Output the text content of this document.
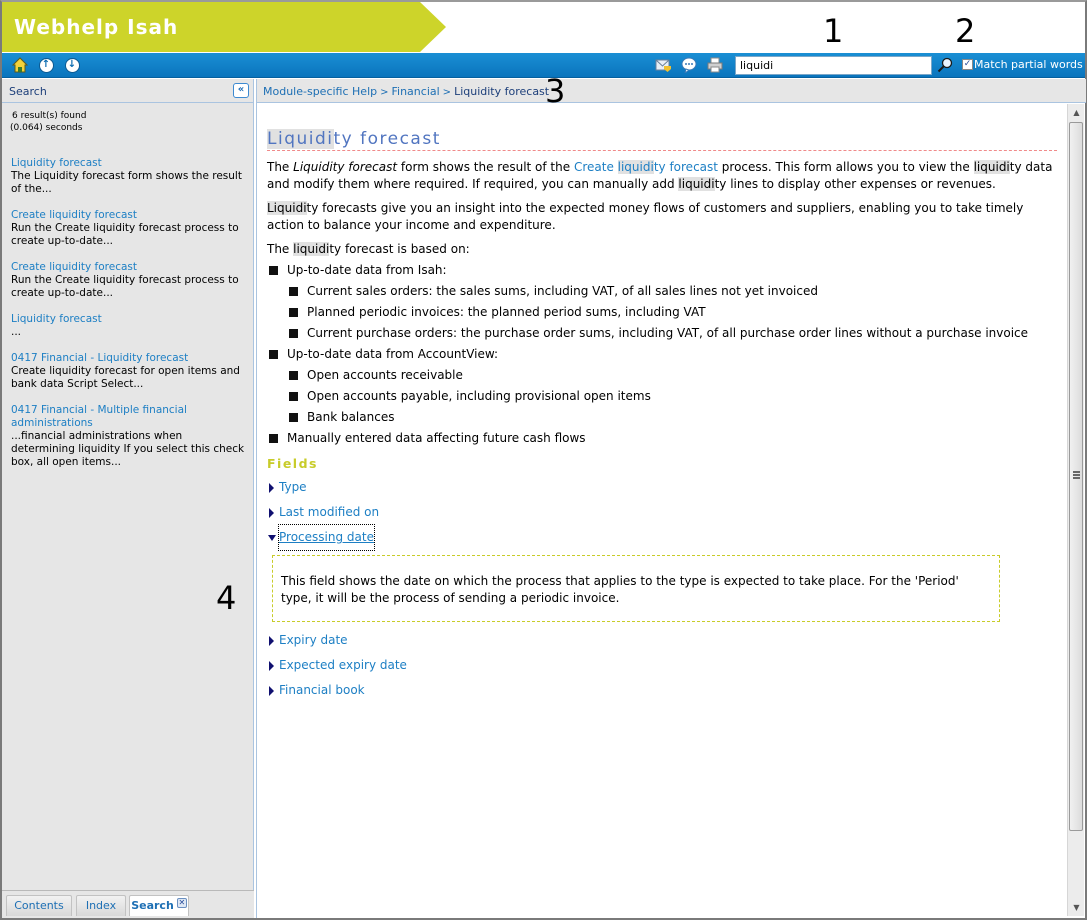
Webhelp Isah	1	2
↑	↓
liquidi	✓ Match partial words
Search	«
6 result(s) found
(0.064) seconds
Liquidity forecast
The Liquidity forecast form shows the result of the...
Create liquidity forecast
Run the Create liquidity forecast process to create up-to-date...
Create liquidity forecast
Run the Create liquidity forecast process to create up-to-date...
Liquidity forecast
...
0417 Financial - Liquidity forecast
Create liquidity forecast for open items and bank data Script Select...
0417 Financial - Multiple financial administrations
...financial administrations when determining liquidity If you select this check box, all open items...
Contents	Index	Search ✕
Module-specific Help > Financial > Liquidity forecast
3
Liquidity forecast

The Liquidity forecast form shows the result of the Create liquidity forecast process. This form allows you to view the liquidity data and modify them where required. If required, you can manually add liquidity lines to display other expenses or revenues.

Liquidity forecasts give you an insight into the expected money flows of customers and suppliers, enabling you to take timely action to balance your income and expenditure.

The liquidity forecast is based on:

Up-to-date data from Isah:
Current sales orders: the sales sums, including VAT, of all sales lines not yet invoiced
Planned periodic invoices: the planned period sums, including VAT
Current purchase orders: the purchase order sums, including VAT, of all purchase order lines without a purchase invoice
Up-to-date data from AccountView:
Open accounts receivable
Open accounts payable, including provisional open items
Bank balances
Manually entered data affecting future cash flows
Fields
Type
Last modified on
Processing date
This field shows the date on which the process that applies to the type is expected to take place. For the 'Period' type, it will be the process of sending a periodic invoice.
Expiry date
Expected expiry date
Financial book
4
▲
▼
